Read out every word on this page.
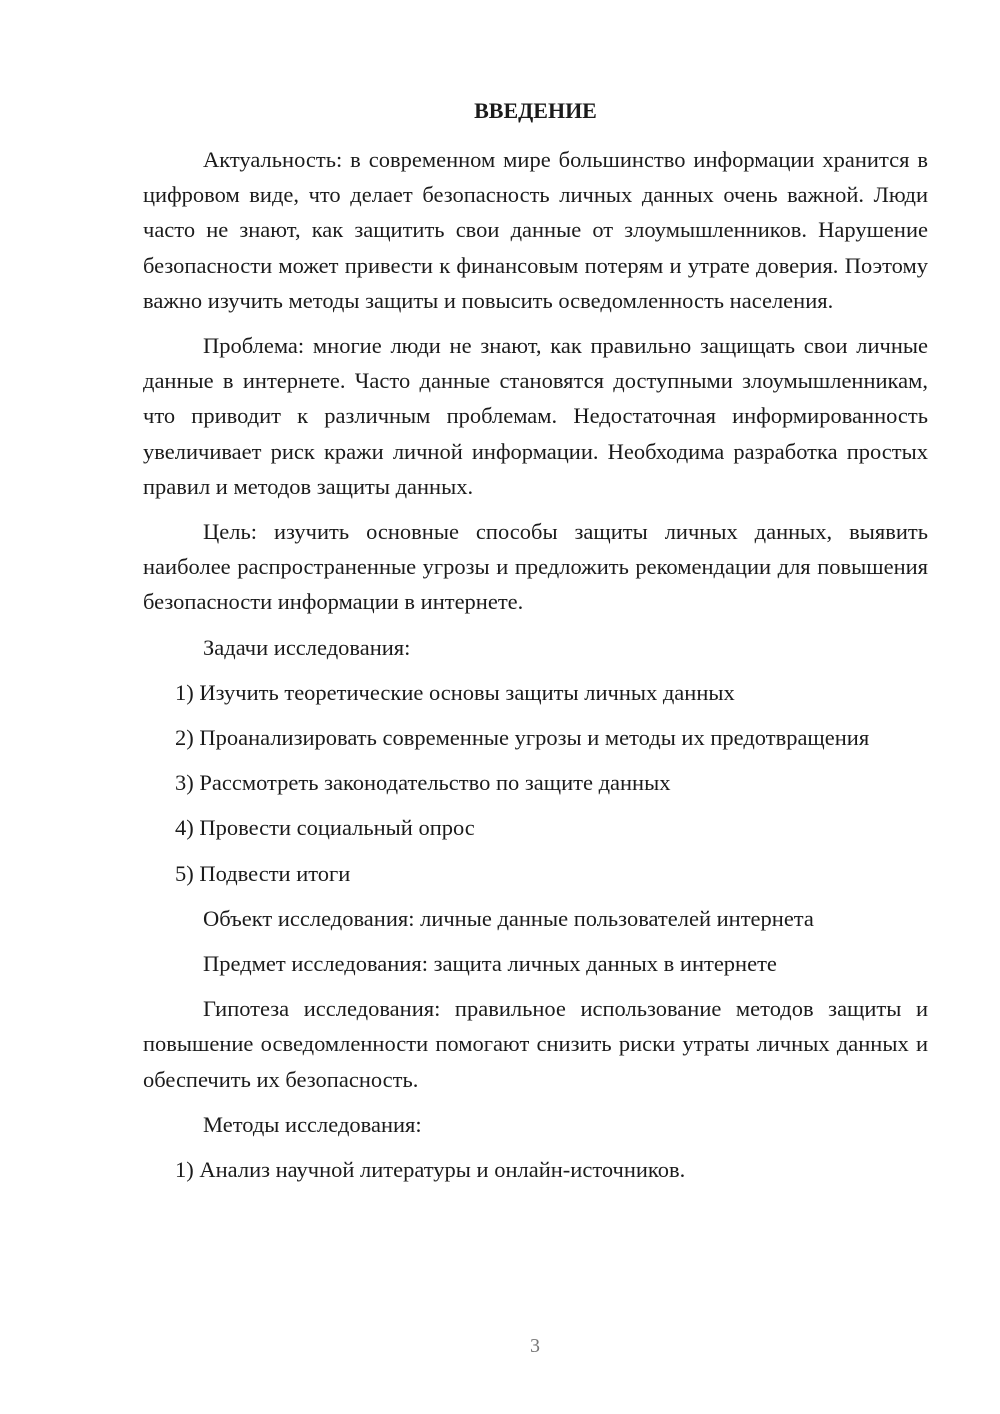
ВВЕДЕНИЕ

Актуальность: в современном мире большинство информации хранится в цифровом виде, что делает безопасность личных данных очень важной. Люди часто не знают, как защитить свои данные от злоумышленников. Нарушение безопасности может привести к финансовым потерям и утрате доверия. Поэтому важно изучить методы защиты и повысить осведомленность населения.

Проблема: многие люди не знают, как правильно защищать свои личные данные в интернете. Часто данные становятся доступными злоумышленникам, что приводит к различным проблемам. Недостаточная информированность увеличивает риск кражи личной информации. Необходима разработка простых правил и методов защиты данных.

Цель: изучить основные способы защиты личных данных, выявить наиболее распространенные угрозы и предложить рекомендации для повышения безопасности информации в интернете.

Задачи исследования:

1) Изучить теоретические основы защиты личных данных

2) Проанализировать современные угрозы и методы их предотвращения

3) Рассмотреть законодательство по защите данных

4) Провести социальный опрос

5) Подвести итоги

Объект исследования: личные данные пользователей интернета

Предмет исследования: защита личных данных в интернете

Гипотеза исследования: правильное использование методов защиты и повышение осведомленности помогают снизить риски утраты личных данных и обеспечить их безопасность.

Методы исследования:

1) Анализ научной литературы и онлайн-источников.

3
